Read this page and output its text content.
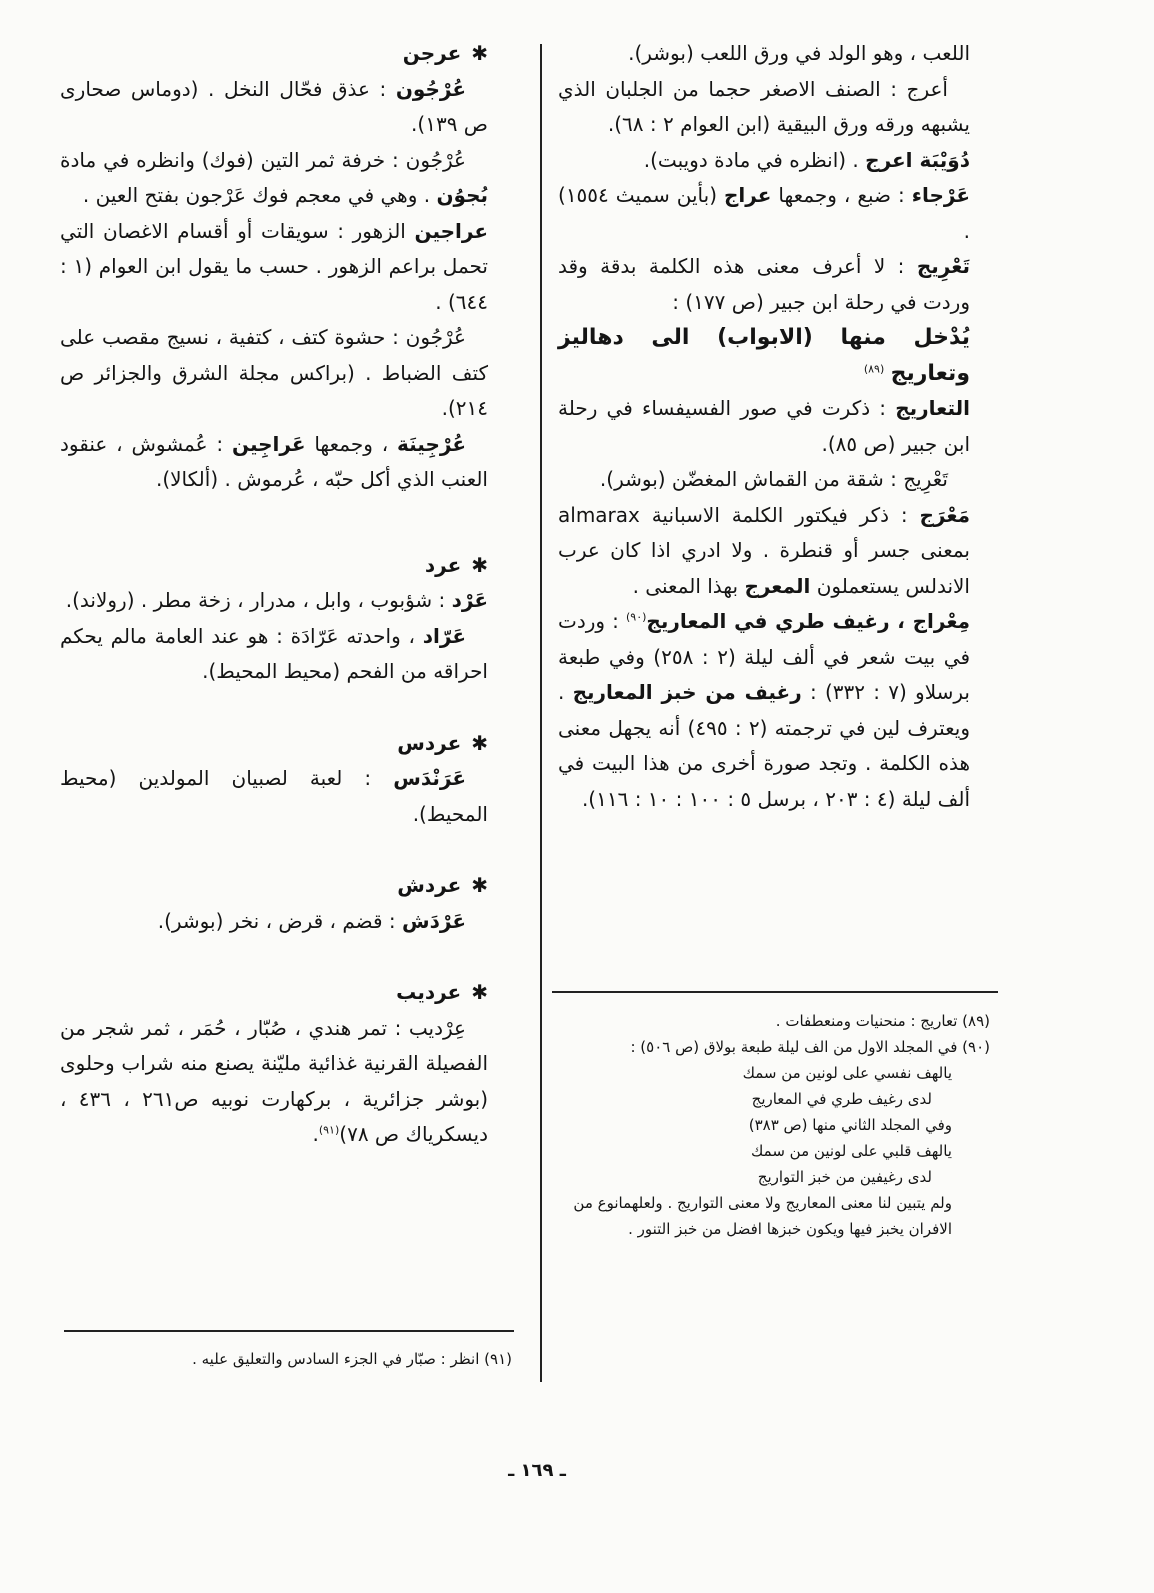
اللعب ، وهو الولد في ورق اللعب (بوشر).

أعرج : الصنف الاصغر حجما من الجلبان الذي يشبهه ورقه ورق البيقية (ابن العوام ٢ : ٦٨).

دُوَيْبَة اعرج . (انظره في مادة دويبت).

عَرْجاء : ضبع ، وجمعها عراج (بأين سميث ١٥٥٤) .

تَعْرِيج : لا أعرف معنى هذه الكلمة بدقة وقد وردت في رحلة ابن جبير (ص ١٧٧) :

يُدْخل منها (الابواب) الى دهاليز وتعاريج $^{(٨٩)}$

التعاريج : ذكرت في صور الفسيفساء في رحلة ابن جبير (ص ٨٥).

تَعْرِيج : شقة من القماش المغضّن (بوشر).

مَعْرَج : ذكر فيكتور الكلمة الاسبانية almarax بمعنى جسر أو قنطرة . ولا ادري اذا كان عرب الاندلس يستعملون المعرج بهذا المعنى .

مِعْراج ، رغيف طري في المعاريج$^{(٩٠)}$ : وردت في بيت شعر في ألف ليلة (٢ : ٢٥٨) وفي طبعة برسلاو (٧ : ٣٣٢) : رغيف من خبز المعاريج . ويعترف لين في ترجمته (٢ : ٤٩٥) أنه يجهل معنى هذه الكلمة . وتجد صورة أخرى من هذا البيت في ألف ليلة (٤ : ٢٠٣ ، برسل ٥ : ١٠٠ : ١٠ : ١١٦).

✱عرجن

عُرْجُون : عذق فحّال النخل . (دوماس صحارى ص ١٣٩).

عُرْجُون : خرفة ثمر التين (فوك) وانظره في مادة بُجوُن . وهي في معجم فوك عَرْجون بفتح العين .

عراجين الزهور : سويقات أو أقسام الاغصان التي تحمل براعم الزهور . حسب ما يقول ابن العوام (١ : ٦٤٤) .

عُرْجُون : حشوة كتف ، كتفية ، نسيج مقصب على كتف الضباط . (براكس مجلة الشرق والجزائر ص ٢١٤).

عُرْجِينَة ، وجمعها عَراجِين : عُمشوش ، عنقود العنب الذي أكل حبّه ، عُرموش . (ألكالا).

✱عرد

عَرْد : شؤبوب ، وابل ، مدرار ، زخة مطر . (رولاند).

عَرّاد ، واحدته عَرّادَة : هو عند العامة مالم يحكم احراقه من الفحم (محيط المحيط).

✱عردس

عَرَنْدَس : لعبة لصبيان المولدين (محيط المحيط).

✱عردش

عَرْدَش : قضم ، قرض ، نخر (بوشر).

✱عرديب

عِرْديب : تمر هندي ، صُبّار ، حُمَر ، ثمر شجر من الفصيلة القرنية غذائية مليّنة يصنع منه شراب وحلوى (بوشر جزائرية ، بركهارت نوبيه ص٢٦١ ، ٤٣٦ ، ديسكرياك ص ٧٨)$^{(٩١)}$.

(٨٩) تعاريج : منحنيات ومنعطفات .

(٩٠) في المجلد الاول من الف ليلة طبعة بولاق (ص ٥٠٦) :

يالهف نفسي على لونين من سمك

لدى رغيف طري في المعاريج

وفي المجلد الثاني منها (ص ٣٨٣)

يالهف قلبي على لونين من سمك

لدى رغيفين من خبز التواريج

ولم يتبين لنا معنى المعاريج ولا معنى التواريج . ولعلهمانوع من الافران يخبز فيها ويكون خبزها افضل من خبز التنور .

(٩١) انظر : صبّار في الجزء السادس والتعليق عليه .

ـ ١٦٩ ـ
